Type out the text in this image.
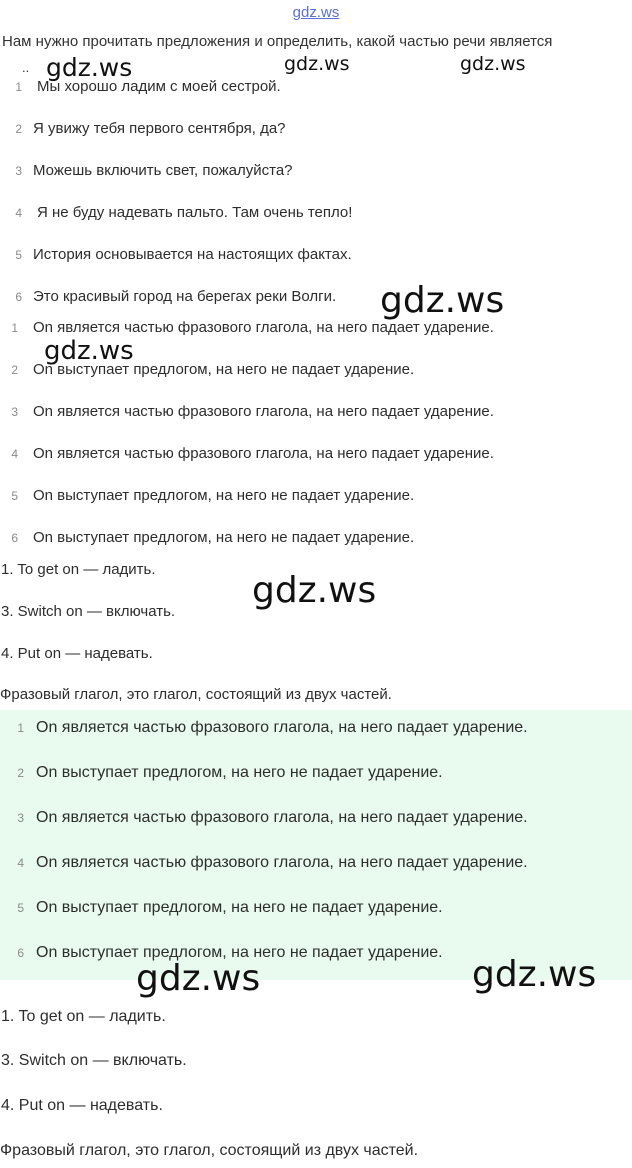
gdz.ws
Нам нужно прочитать предложения и определить, какой частью речи является
.. gdz.ws	gdz.ws	gdz.ws
gdz.ws
gdz.ws
gdz.ws
1 Мы хорошо ладим с моей сестрой.
2 Я увижу тебя первого сентября, да?
3 Можешь включить свет, пожалуйста?
4 Я не буду надевать пальто. Там очень тепло!
5 История основывается на настоящих фактах.
6 Это красивый город на берегах реки Волги.
1 On является частью фразового глагола, на него падает ударение.
2 On выступает предлогом, на него не падает ударение.
3 On является частью фразового глагола, на него падает ударение.
4 On является частью фразового глагола, на него падает ударение.
5 On выступает предлогом, на него не падает ударение.
6 On выступает предлогом, на него не падает ударение.
1. To get on — ладить.
3. Switch on — включать.
4. Put on — надевать.
Фразовый глагол, это глагол, состоящий из двух частей.
1 On является частью фразового глагола, на него падает ударение.
2 On выступает предлогом, на него не падает ударение.
3 On является частью фразового глагола, на него падает ударение.
4 On является частью фразового глагола, на него падает ударение.
5 On выступает предлогом, на него не падает ударение.
6 On выступает предлогом, на него не падает ударение.
gdz.ws	gdz.ws
1. To get on — ладить.
3. Switch on — включать.
4. Put on — надевать.
Фразовый глагол, это глагол, состоящий из двух частей.
